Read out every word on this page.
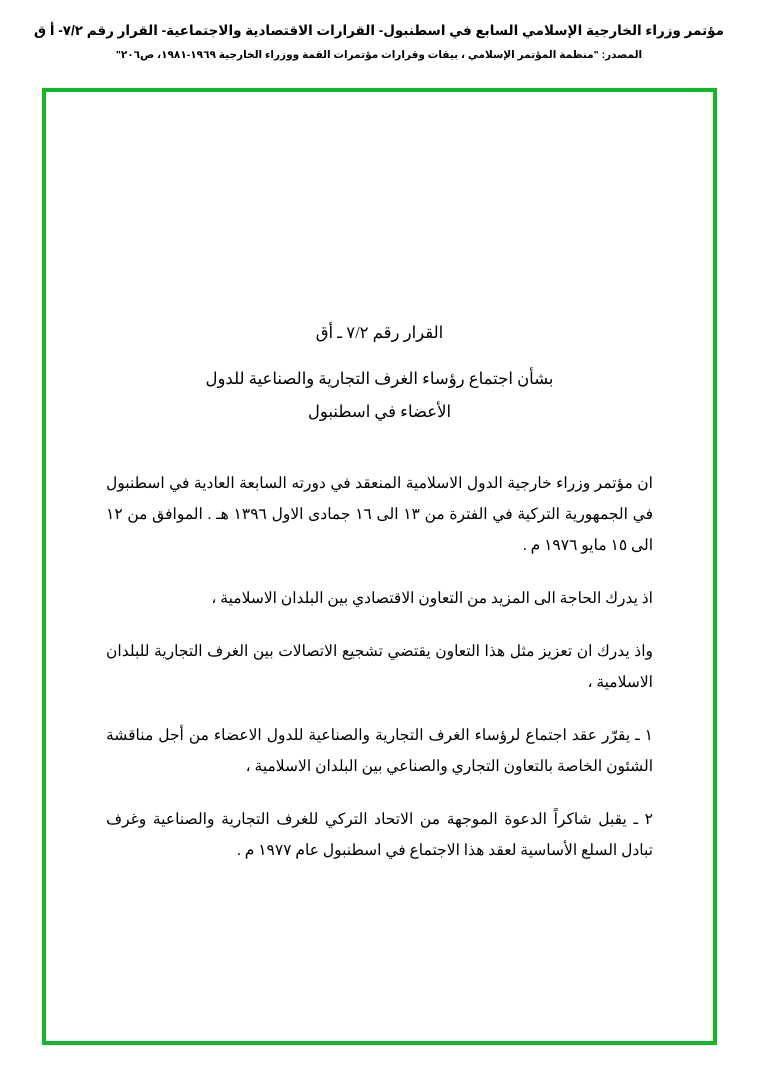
مؤتمر وزراء الخارجية الإسلامي السابع في اسطنبول- القرارات الاقتصادية والاجتماعية- القرار رقم ٧/٢- أ ق
المصدر: "منظمة المؤتمر الإسلامي ، بيقات وقرارات مؤتمرات القمة ووزراء الخارجية ١٩٦٩-١٩٨١، ص٢٠٦"
القرار رقم ٧/٢ ـ أق
بشأن اجتماع رؤساء الغرف التجارية والصناعية للدول
الأعضاء في اسطنبول

ان مؤتمر وزراء خارجية الدول الاسلامية المنعقد في دورته السابعة العادية في اسطنبول في الجمهورية التركية في الفترة من ١٣ الى ١٦ جمادى الاول ١٣٩٦ هـ . الموافق من ١٢ الى ١٥ مايو ١٩٧٦ م .

اذ يدرك الحاجة الى المزيد من التعاون الاقتصادي بين البلدان الاسلامية ،

واذ يدرك ان تعزيز مثل هذا التعاون يقتضي تشجيع الاتصالات بين الغرف التجارية للبلدان الاسلامية ،

١ ـ يقرّر عقد اجتماع لرؤساء الغرف التجارية والصناعية للدول الاعضاء من أجل مناقشة الشئون الخاصة بالتعاون التجاري والصناعي بين البلدان الاسلامية ،

٢ ـ يقبل شاكراً الدعوة الموجهة من الاتحاد التركي للغرف التجارية والصناعية وغرف تبادل السلع الأساسية لعقد هذا الاجتماع في اسطنبول عام ١٩٧٧ م .
